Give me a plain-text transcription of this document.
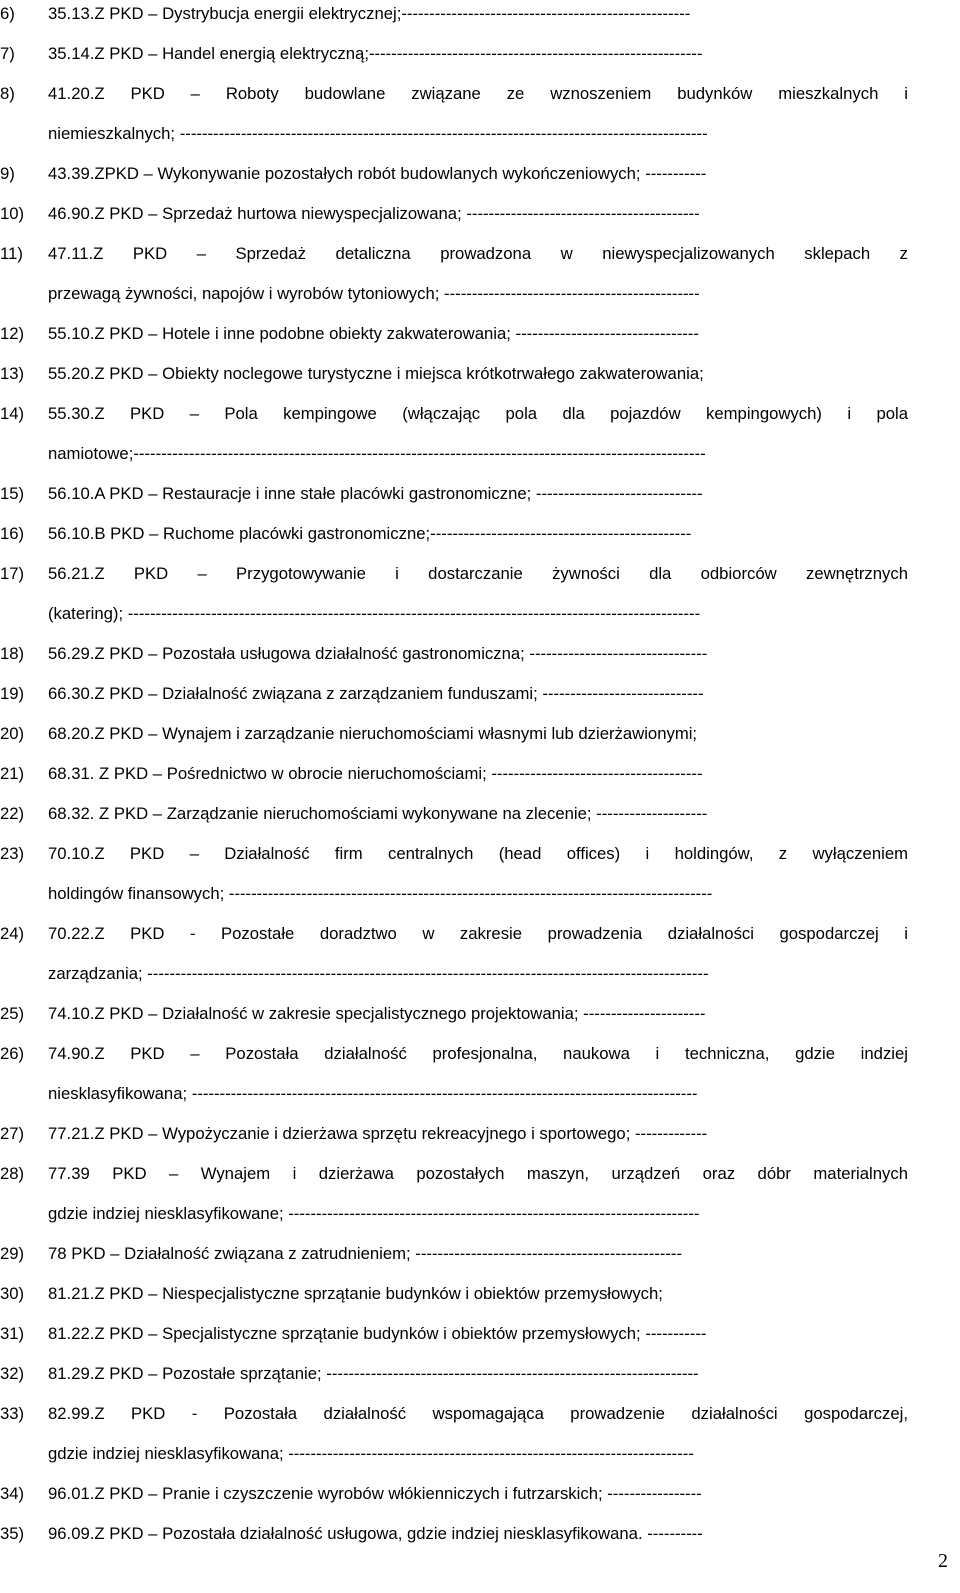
6)	35.13.Z PKD – Dystrybucja energii elektrycznej;----------------------------------------------------
7)	35.14.Z PKD – Handel energią elektryczną;------------------------------------------------------------
8)	41.20.Z PKD – Roboty budowlane związane ze wznoszeniem budynków mieszkalnych i
niemieszkalnych; -----------------------------------------------------------------------------------------------
9)	43.39.ZPKD – Wykonywanie pozostałych robót budowlanych wykończeniowych; -----------
10)	46.90.Z PKD – Sprzedaż hurtowa niewyspecjalizowana; ------------------------------------------
11)	47.11.Z PKD – Sprzedaż detaliczna prowadzona w niewyspecjalizowanych sklepach z
przewagą żywności, napojów i wyrobów tytoniowych; ----------------------------------------------
12)	55.10.Z PKD – Hotele i inne podobne obiekty zakwaterowania; ---------------------------------
13)	55.20.Z PKD – Obiekty noclegowe turystyczne i miejsca krótkotrwałego zakwaterowania;
14)	55.30.Z PKD – Pola kempingowe (włączając pola dla pojazdów kempingowych) i pola
namiotowe;-------------------------------------------------------------------------------------------------------
15)	56.10.A PKD – Restauracje i inne stałe placówki gastronomiczne; ------------------------------
16)	56.10.B PKD – Ruchome placówki gastronomiczne;-----------------------------------------------
17)	56.21.Z PKD – Przygotowywanie i dostarczanie żywności dla odbiorców zewnętrznych
(katering); -------------------------------------------------------------------------------------------------------
18)	56.29.Z PKD – Pozostała usługowa działalność gastronomiczna; --------------------------------
19)	66.30.Z PKD – Działalność związana z zarządzaniem funduszami; -----------------------------
20)	68.20.Z PKD – Wynajem i zarządzanie nieruchomościami własnymi lub dzierżawionymi;
21)	68.31. Z PKD – Pośrednictwo w obrocie nieruchomościami; --------------------------------------
22)	68.32. Z PKD – Zarządzanie nieruchomościami wykonywane na zlecenie; --------------------
23)	70.10.Z PKD – Działalność firm centralnych (head offices) i holdingów, z wyłączeniem
holdingów finansowych; ---------------------------------------------------------------------------------------
24)	70.22.Z PKD - Pozostałe doradztwo w zakresie prowadzenia działalności gospodarczej i
zarządzania; -----------------------------------------------------------------------------------------------------
25)	74.10.Z PKD – Działalność w zakresie specjalistycznego projektowania; ----------------------
26)	74.90.Z PKD – Pozostała działalność profesjonalna, naukowa i techniczna, gdzie indziej
niesklasyfikowana; -------------------------------------------------------------------------------------------
27)	77.21.Z PKD – Wypożyczanie i dzierżawa sprzętu rekreacyjnego i sportowego; -------------
28)	77.39 PKD – Wynajem i dzierżawa pozostałych maszyn, urządzeń oraz dóbr materialnych
gdzie indziej niesklasyfikowane; --------------------------------------------------------------------------
29)	78 PKD – Działalność związana z zatrudnieniem; ------------------------------------------------
30)	81.21.Z PKD – Niespecjalistyczne sprzątanie budynków i obiektów przemysłowych;
31)	81.22.Z PKD – Specjalistyczne sprzątanie budynków i obiektów przemysłowych; -----------
32)	81.29.Z PKD – Pozostałe sprzątanie; -------------------------------------------------------------------
33)	82.99.Z PKD - Pozostała działalność wspomagająca prowadzenie działalności gospodarczej,
gdzie indziej niesklasyfikowana; -------------------------------------------------------------------------
34)	96.01.Z PKD – Pranie i czyszczenie wyrobów włókienniczych i futrzarskich; -----------------
35)	96.09.Z PKD – Pozostała działalność usługowa, gdzie indziej niesklasyfikowana. ----------
2
